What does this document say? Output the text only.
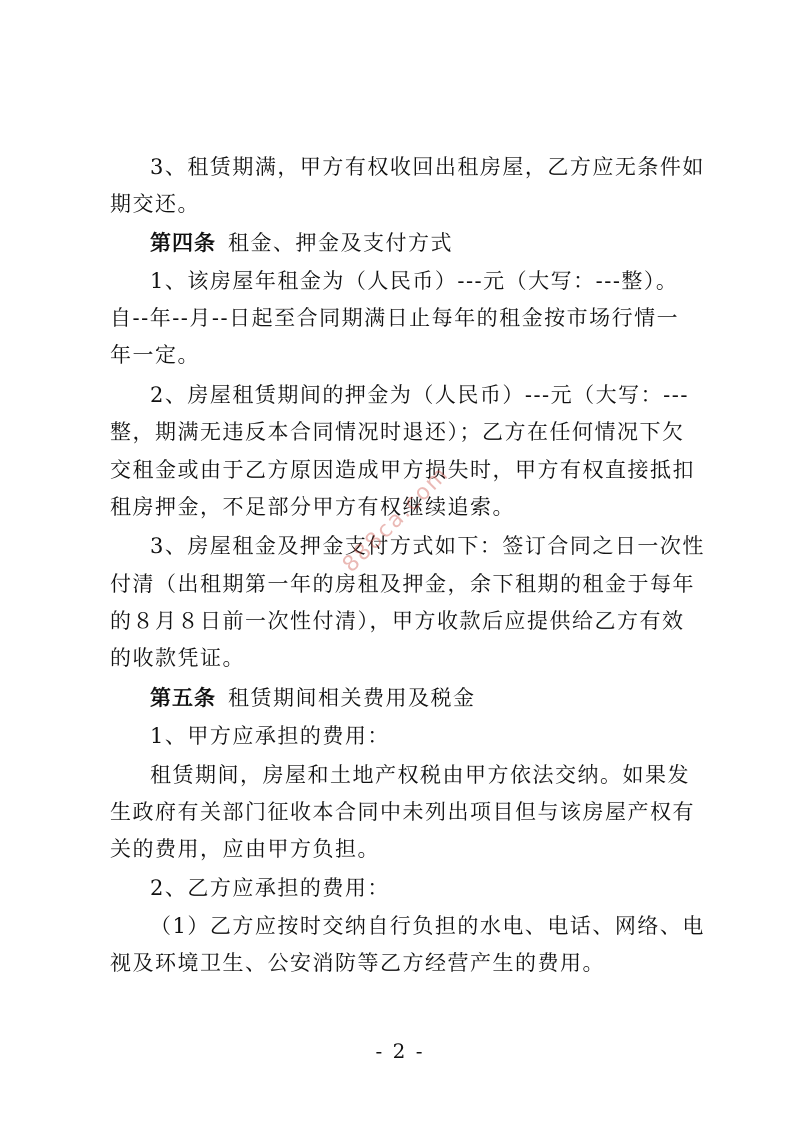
3、租赁期满，甲方有权收回出租房屋，乙方应无条件如
期交还。
第四条 租金、押金及支付方式
1、该房屋年租金为（人民币）---元（大写：---整）。
自--年--月--日起至合同期满日止每年的租金按市场行情一
年一定。
2、房屋租赁期间的押金为（人民币）---元（大写：---
整，期满无违反本合同情况时退还）；乙方在任何情况下欠
交租金或由于乙方原因造成甲方损失时，甲方有权直接抵扣
租房押金，不足部分甲方有权继续追索。
3、房屋租金及押金支付方式如下：签订合同之日一次性
付清（出租期第一年的房租及押金，余下租期的租金于每年
的８月８日前一次性付清），甲方收款后应提供给乙方有效
的收款凭证。
第五条 租赁期间相关费用及税金
1、甲方应承担的费用：
租赁期间，房屋和土地产权税由甲方依法交纳。如果发
生政府有关部门征收本合同中未列出项目但与该房屋产权有
关的费用，应由甲方负担。
2、乙方应承担的费用：
（1）乙方应按时交纳自行负担的水电、电话、网络、电
视及环境卫生、公安消防等乙方经营产生的费用。
888ca.com
- 2 -
